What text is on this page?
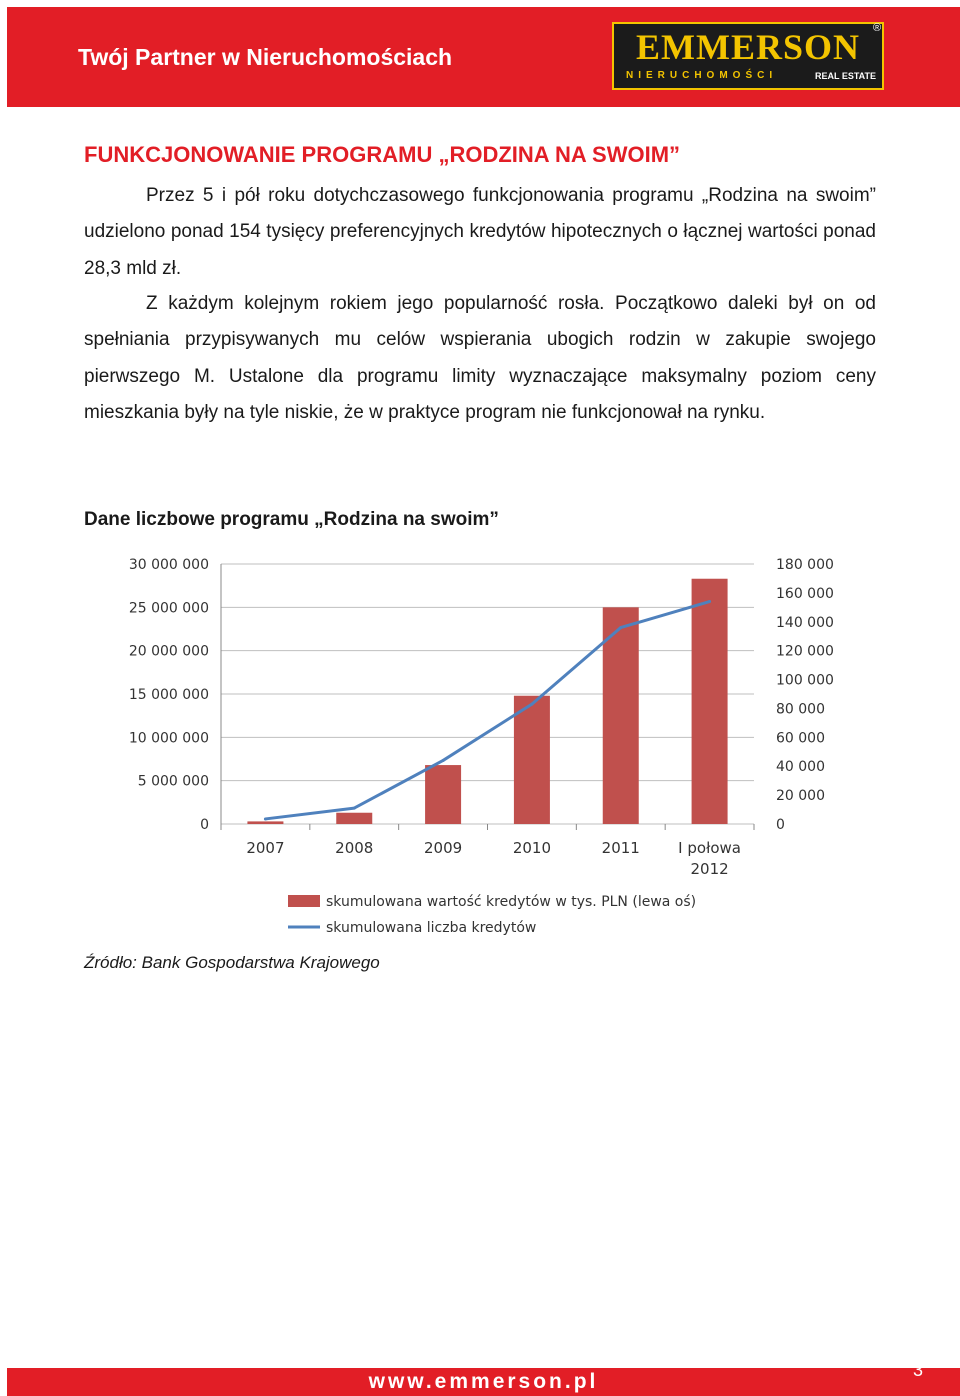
Twój Partner w Nieruchomościach	EMMERSON
NIERUCHOMOŚCI	REAL ESTATE
®
FUNKCJONOWANIE PROGRAMU „RODZINA NA SWOIM”

Przez 5 i pół roku dotychczasowego funkcjonowania programu „Rodzina na swoim” udzielono ponad 154 tysięcy preferencyjnych kredytów hipotecznych o łącznej wartości ponad 28,3 mld zł.

Z każdym kolejnym rokiem jego popularność rosła. Początkowo daleki był on od spełniania przypisywanych mu celów wspierania ubogich rodzin w zakupie swojego pierwszego M. Ustalone dla programu limity wyznaczające maksymalny poziom ceny mieszkania były na tyle niskie, że w praktyce program nie funkcjonował na rynku.

Dane liczbowe programu „Rodzina na swoim”
0
5 000 000
10 000 000
15 000 000
20 000 000
25 000 000
30 000 000
0
20 000
40 000
60 000
80 000
100 000
120 000
140 000
160 000
180 000
2007	2008	2009	2010	2011	I połowa
2012
skumulowana wartość kredytów w tys. PLN (lewa oś)
skumulowana liczba kredytów
Źródło: Bank Gospodarstwa Krajowego
www.emmerson.pl	3
